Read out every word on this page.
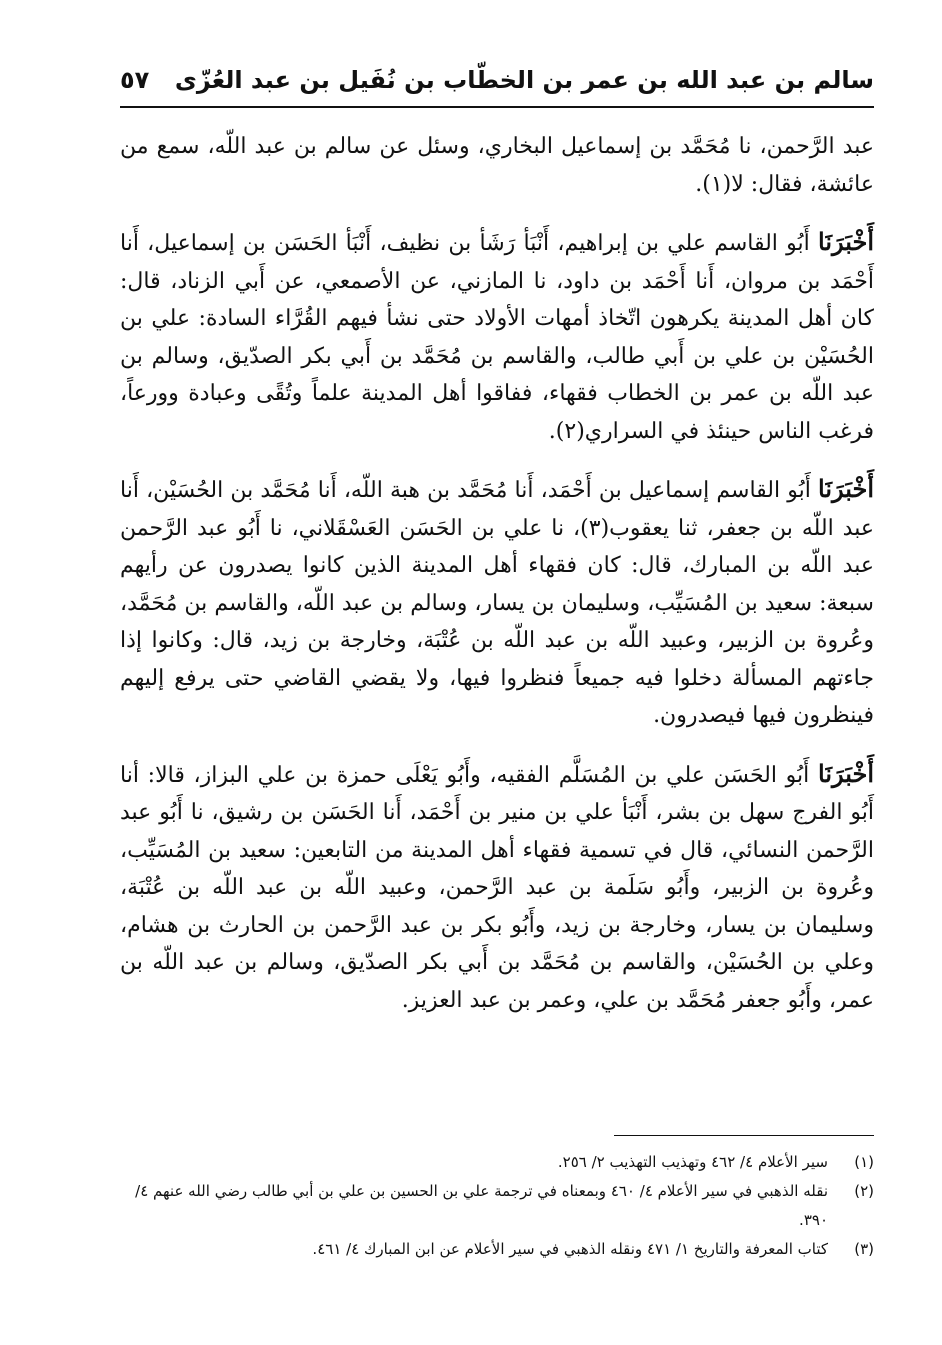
سالم بن عبد الله بن عمر بن الخطّاب بن نُفَيل بن عبد العُزّى
٥٧

عبد الرَّحمن، نا مُحَمَّد بن إسماعيل البخاري، وسئل عن سالم بن عبد اللّه، سمع من عائشة، فقال: لا(١).

أَخْبَرَنَا أَبُو القاسم علي بن إبراهيم، أَنْبَأ رَشَأ بن نظيف، أَنْبَأ الحَسَن بن إسماعيل، أَنا أَحْمَد بن مروان، أَنا أَحْمَد بن داود، نا المازني، عن الأصمعي، عن أَبي الزناد، قال: كان أهل المدينة يكرهون اتّخاذ أمهات الأولاد حتى نشأ فيهم القُرَّاء السادة: علي بن الحُسَيْن بن علي بن أَبي طالب، والقاسم بن مُحَمَّد بن أَبي بكر الصدّيق، وسالم بن عبد اللّه بن عمر بن الخطاب فقهاء، ففاقوا أهل المدينة علماً وتُقًى وعبادة وورعاً، فرغب الناس حينئذ في السراري(٢).

أَخْبَرَنَا أَبُو القاسم إسماعيل بن أَحْمَد، أَنا مُحَمَّد بن هبة اللّه، أَنا مُحَمَّد بن الحُسَيْن، أَنا عبد اللّه بن جعفر، ثنا يعقوب(٣)، نا علي بن الحَسَن العَسْقَلاني، نا أَبُو عبد الرَّحمن عبد اللّه بن المبارك، قال: كان فقهاء أهل المدينة الذين كانوا يصدرون عن رأيهم سبعة: سعيد بن المُسَيِّب، وسليمان بن يسار، وسالم بن عبد اللّه، والقاسم بن مُحَمَّد، وعُروة بن الزبير، وعبيد اللّه بن عبد اللّه بن عُتْبَة، وخارجة بن زيد، قال: وكانوا إذا جاءتهم المسألة دخلوا فيه جميعاً فنظروا فيها، ولا يقضي القاضي حتى يرفع إليهم فينظرون فيها فيصدرون.

أَخْبَرَنَا أَبُو الحَسَن علي بن المُسَلَّم الفقيه، وأَبُو يَعْلَى حمزة بن علي البزاز، قالا: أنا أَبُو الفرج سهل بن بشر، أَنْبَأ علي بن منير بن أَحْمَد، أَنا الحَسَن بن رشيق، نا أَبُو عبد الرَّحمن النسائي، قال في تسمية فقهاء أهل المدينة من التابعين: سعيد بن المُسَيِّب، وعُروة بن الزبير، وأَبُو سَلَمة بن عبد الرَّحمن، وعبيد اللّه بن عبد اللّه بن عُتْبَة، وسليمان بن يسار، وخارجة بن زيد، وأَبُو بكر بن عبد الرَّحمن بن الحارث بن هشام، وعلي بن الحُسَيْن، والقاسم بن مُحَمَّد بن أَبي بكر الصدّيق، وسالم بن عبد اللّه بن عمر، وأَبُو جعفر مُحَمَّد بن علي، وعمر بن عبد العزيز.

(١)
سير الأعلام ٤/ ٤٦٢ وتهذيب التهذيب ٢/ ٢٥٦.
(٢)
نقله الذهبي في سير الأعلام ٤/ ٤٦٠ وبمعناه في ترجمة علي بن الحسين بن علي بن أبي طالب رضي الله عنهم ٤/ ٣٩٠.
(٣)
كتاب المعرفة والتاريخ ١/ ٤٧١ ونقله الذهبي في سير الأعلام عن ابن المبارك ٤/ ٤٦١.
